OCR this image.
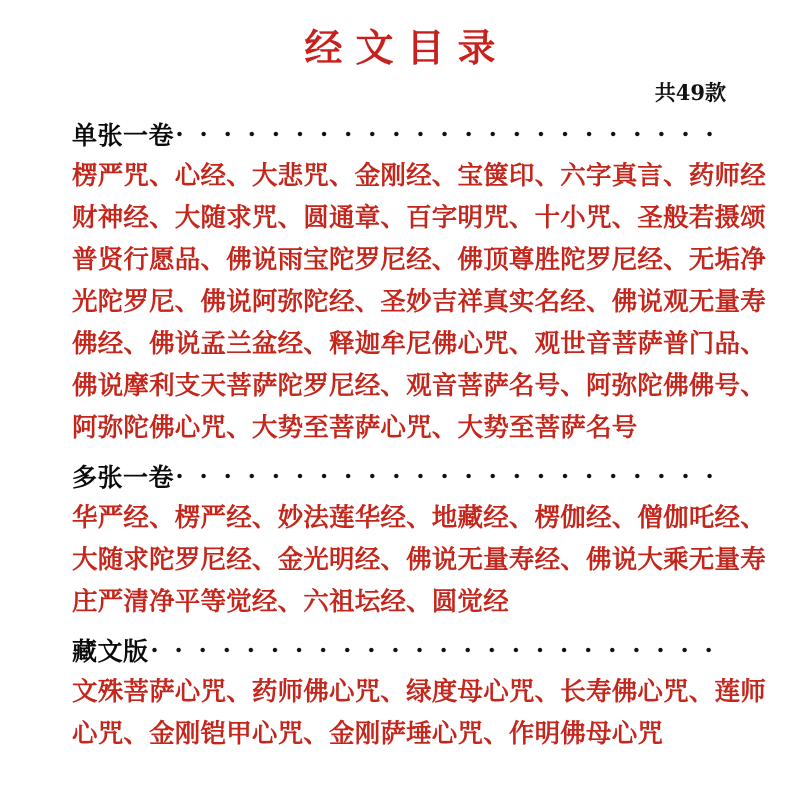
经文目录
共49款
单张一卷
楞严咒、心经、大悲咒、金刚经、宝箧印、六字真言、药师经
财神经、大随求咒、圆通章、百字明咒、十小咒、圣般若摄颂
普贤行愿品、佛说雨宝陀罗尼经、佛顶尊胜陀罗尼经、无垢净
光陀罗尼、佛说阿弥陀经、圣妙吉祥真实名经、佛说观无量寿
佛经、佛说孟兰盆经、释迦牟尼佛心咒、观世音菩萨普门品、
佛说摩利支天菩萨陀罗尼经、观音菩萨名号、阿弥陀佛佛号、
阿弥陀佛心咒、大势至菩萨心咒、大势至菩萨名号
多张一卷
华严经、楞严经、妙法莲华经、地藏经、楞伽经、僧伽吒经、
大随求陀罗尼经、金光明经、佛说无量寿经、佛说大乘无量寿
庄严清净平等觉经、六祖坛经、圆觉经
藏文版
文殊菩萨心咒、药师佛心咒、绿度母心咒、长寿佛心咒、莲师
心咒、金刚铠甲心咒、金刚萨埵心咒、作明佛母心咒
